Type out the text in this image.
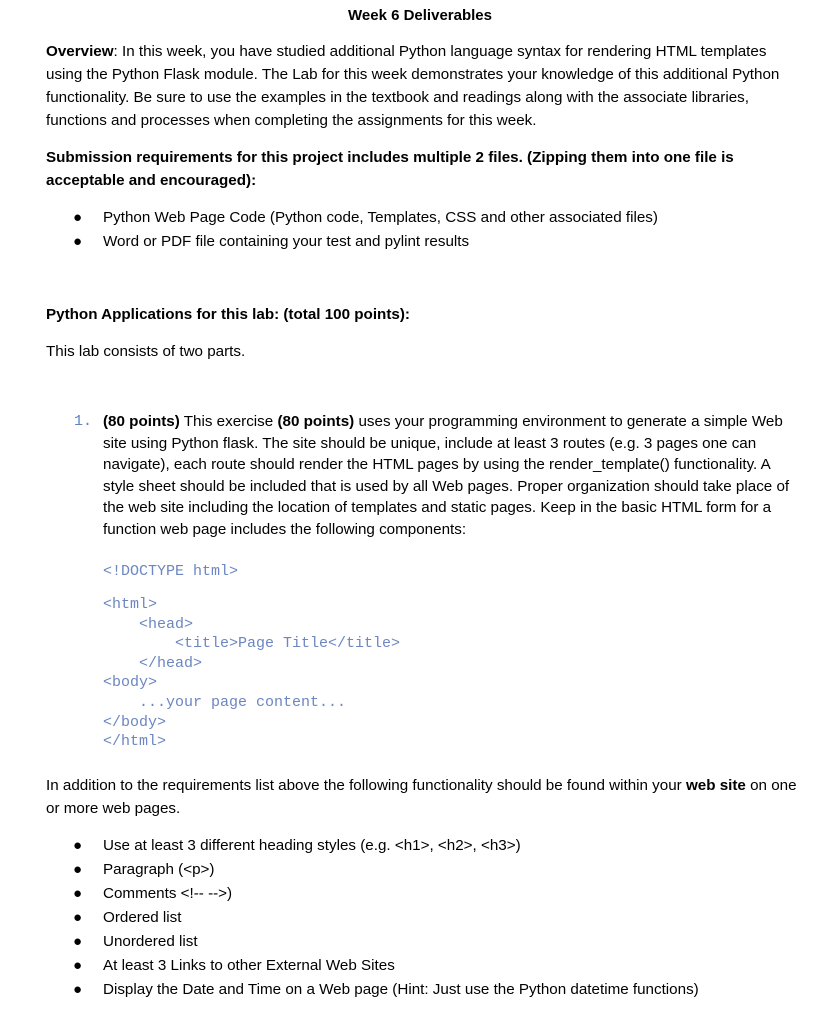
Week 6 Deliverables
Overview: In this week, you have studied additional Python language syntax for rendering HTML templates using the Python Flask module. The Lab for this week demonstrates your knowledge of this additional Python functionality. Be sure to use the examples in the textbook and readings along with the associate libraries, functions and processes when completing the assignments for this week.
Submission requirements for this project includes multiple 2 files. (Zipping them into one file is acceptable and encouraged):
● Python Web Page Code (Python code, Templates, CSS and other associated files)
● Word or PDF file containing your test and pylint results
Python Applications for this lab: (total 100 points):
This lab consists of two parts.
1. (80 points) This exercise (80 points) uses your programming environment to generate a simple Web site using Python flask. The site should be unique, include at least 3 routes (e.g. 3 pages one can navigate), each route should render the HTML pages by using the render_template() functionality. A style sheet should be included that is used by all Web pages. Proper organization should take place of the web site including the location of templates and static pages. Keep in the basic HTML form for a function web page includes the following components:
<!DOCTYPE html>
<html>
<head>
<title>Page Title</title>
</head>
<body>
...your page content...
</body>
</html>
In addition to the requirements list above the following functionality should be found within your web site on one or more web pages.
● Use at least 3 different heading styles (e.g. <h1>, <h2>, <h3>)
● Paragraph (<p>)
● Comments <!-- -->)
● Ordered list
● Unordered list
● At least 3 Links to other External Web Sites
● Display the Date and Time on a Web page (Hint: Just use the Python datetime functions)
